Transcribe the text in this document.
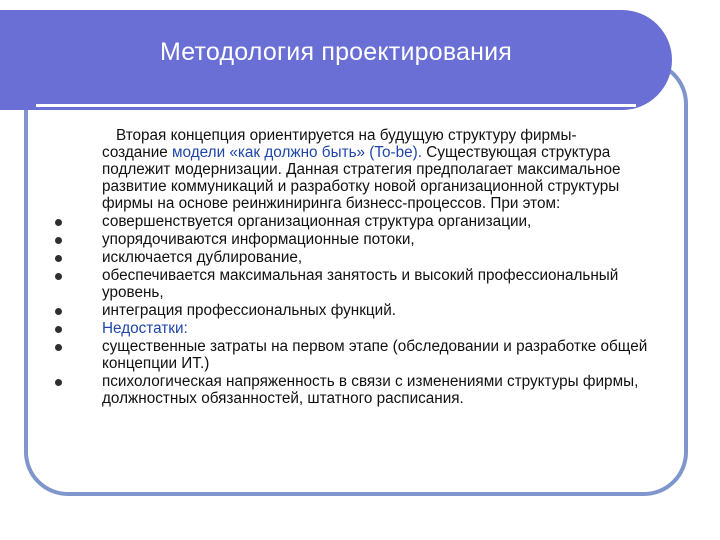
Методология проектирования
Вторая концепция ориентируется на будущую структуру фирмы-
создание модели «как должно быть» (To-be). Существующая структура подлежит модернизации. Данная стратегия предполагает максимальное развитие коммуникаций и разработку новой организационной структуры фирмы на основе реинжиниринга бизнесс-процессов. При этом:
совершенствуется организационная структура организации,
упорядочиваются информационные потоки,
исключается дублирование,
обеспечивается максимальная занятость и высокий профессиональный уровень,
интеграция профессиональных функций.
Недостатки:
существенные затраты на первом этапе (обследовании и разработке общей концепции ИТ.)
психологическая напряженность в связи с изменениями структуры фирмы, должностных обязанностей, штатного расписания.
